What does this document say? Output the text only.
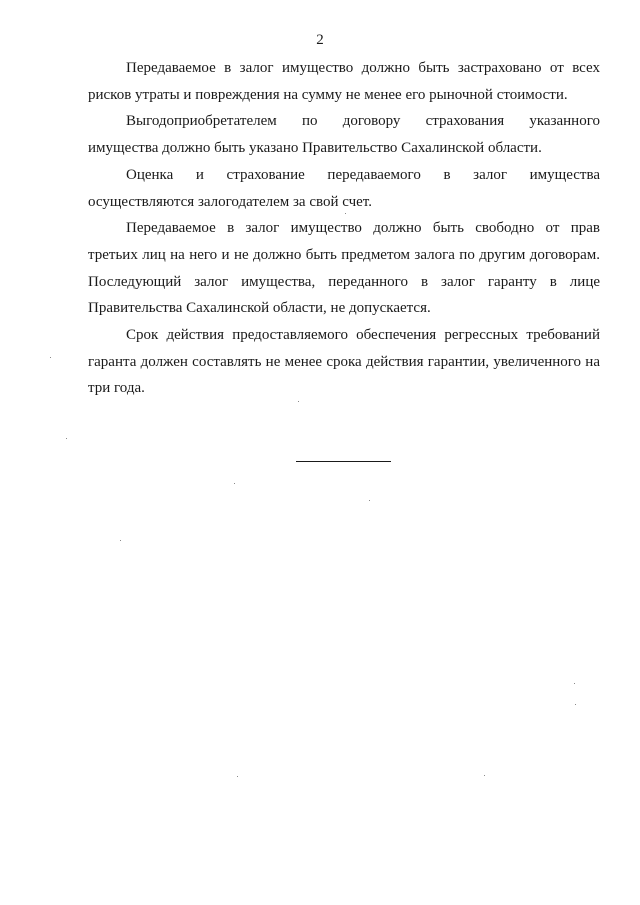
2

Передаваемое в залог имущество должно быть застраховано от всех
рисков утраты и повреждения на сумму не менее его рыночной стоимости.

Выгодоприобретателем по договору страхования указанного
имущества должно быть указано Правительство Сахалинской области.

Оценка и страхование передаваемого в залог имущества
осуществляются залогодателем за свой счет.

Передаваемое в залог имущество должно быть свободно от прав
третьих лиц на него и не должно быть предметом залога по другим договорам. Последующий залог имущества, переданного в залог гаранту в лице Правительства Сахалинской области, не допускается.

Срок действия предоставляемого обеспечения регрессных требований
гаранта должен составлять не менее срока действия гарантии, увеличенного на три года.
